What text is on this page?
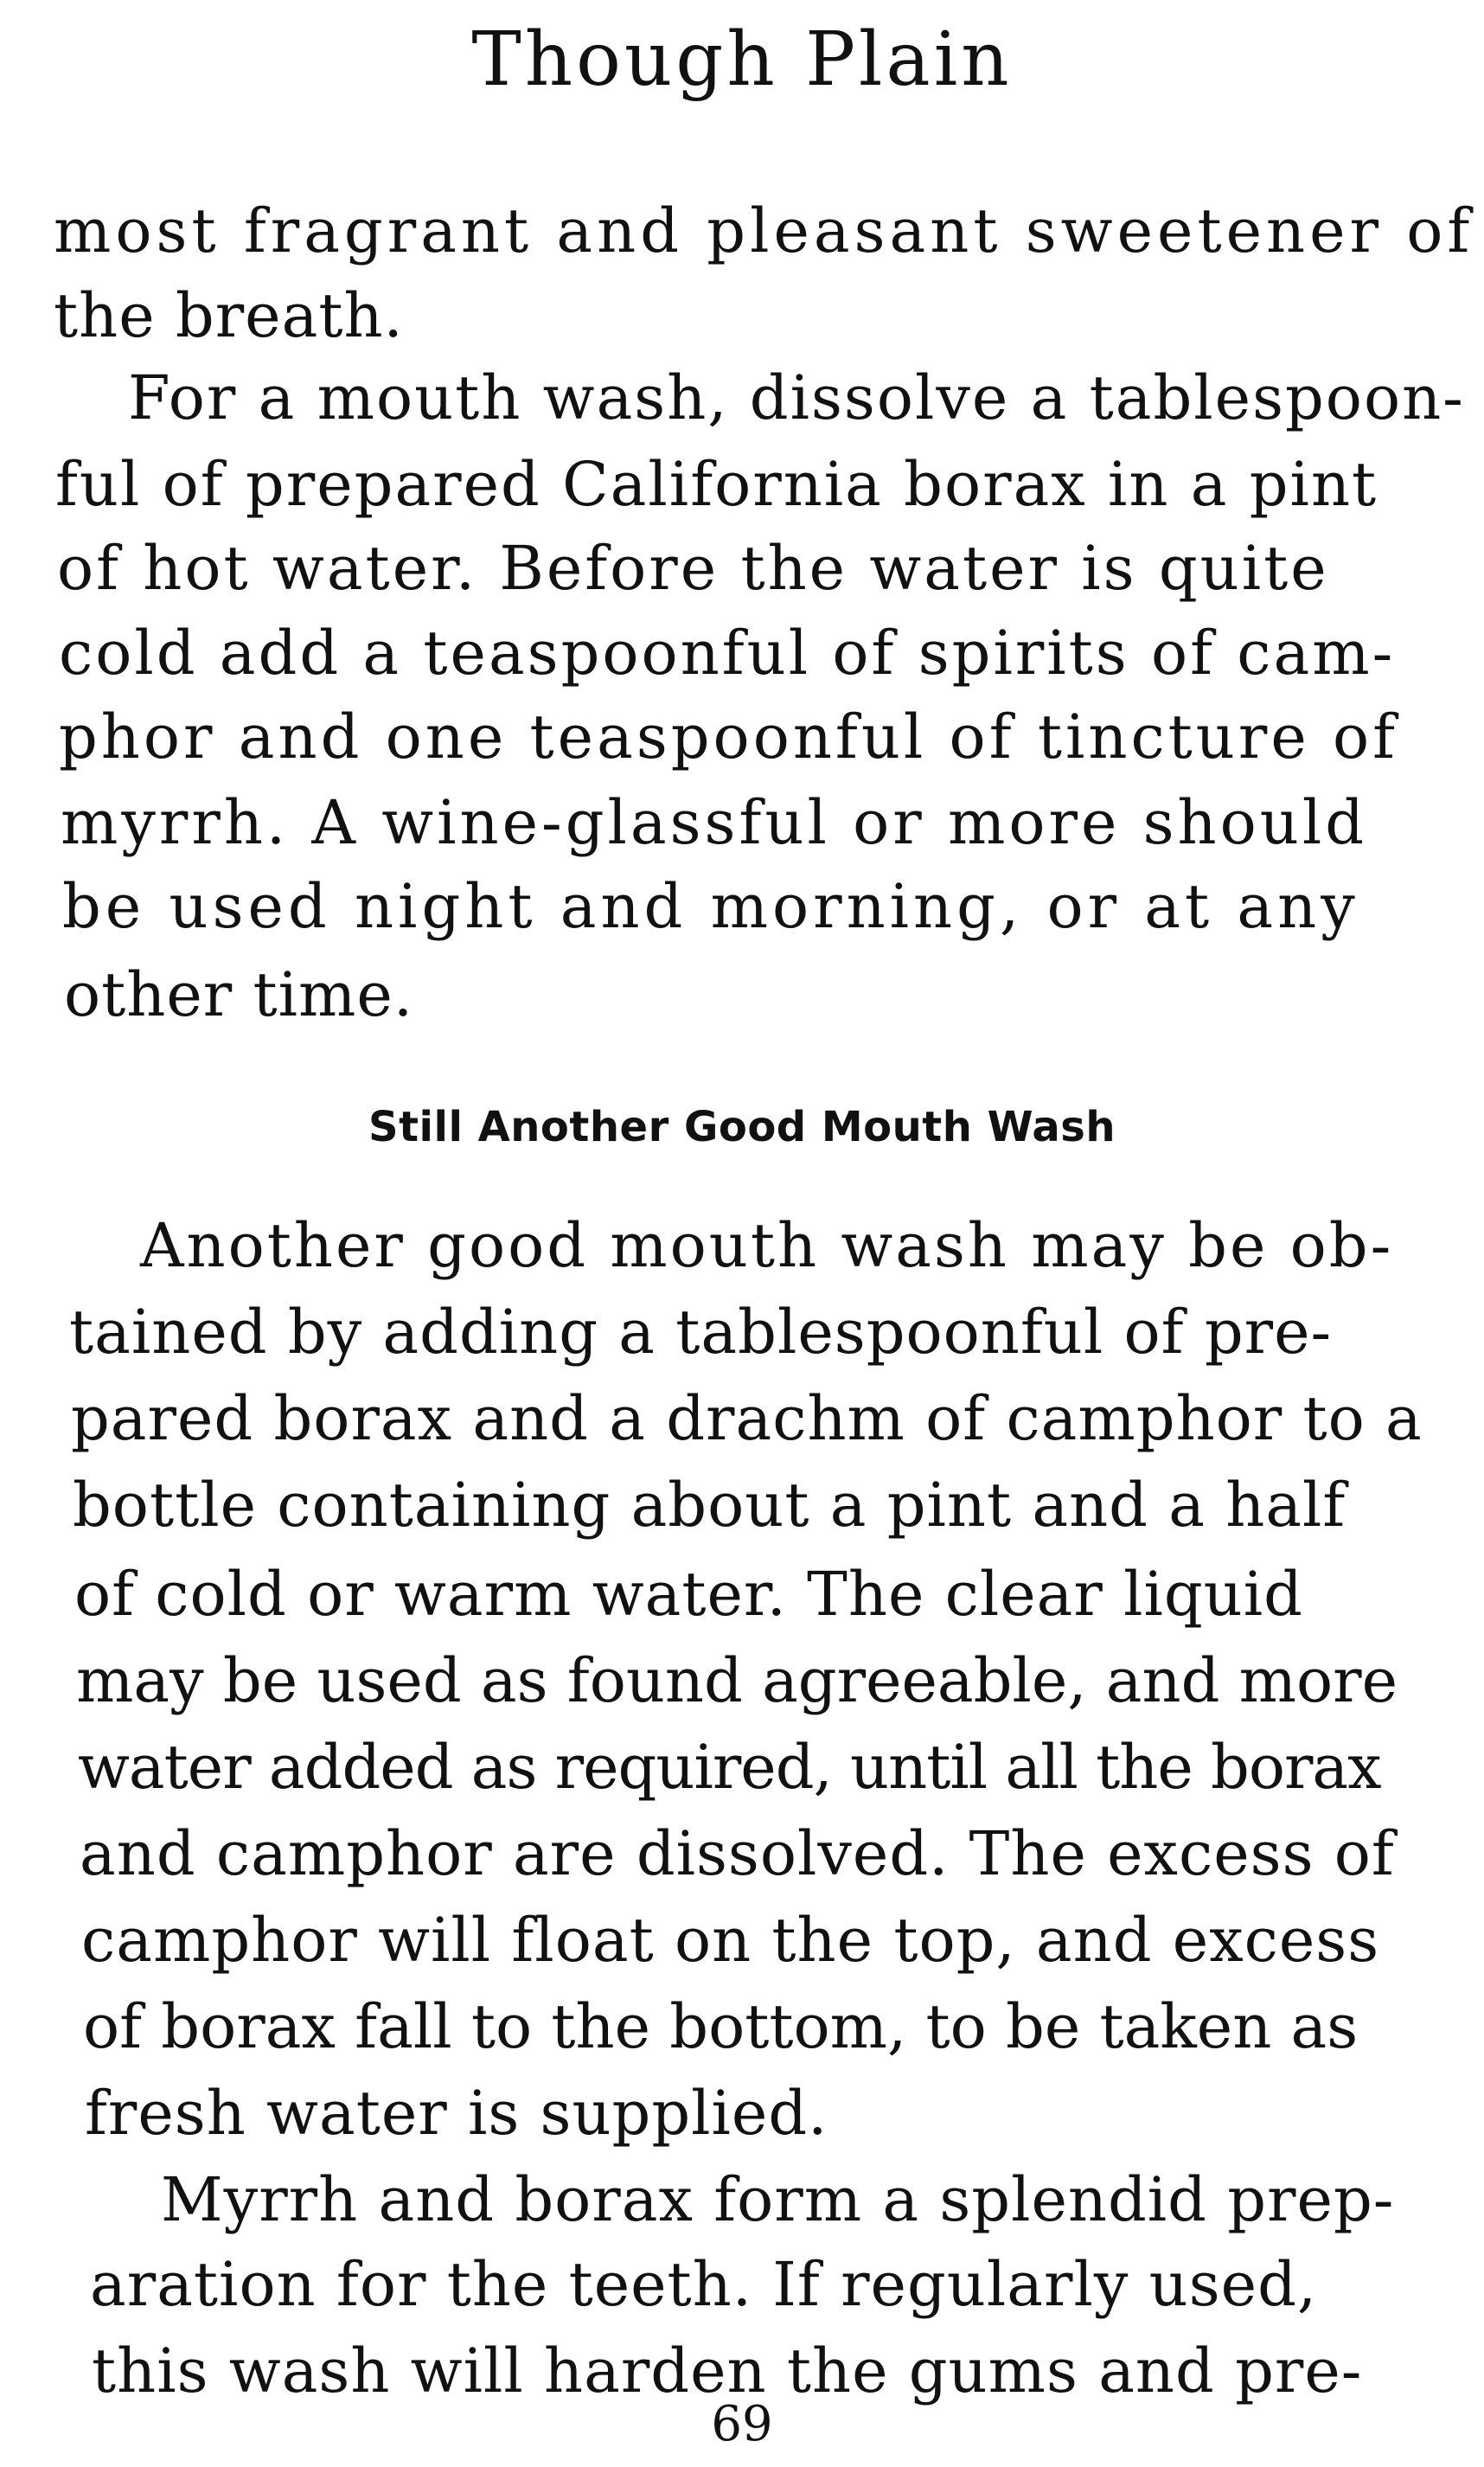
Though Plain
most fragrant and pleasant sweetener of
the breath.
For a mouth wash, dissolve a tablespoon-
ful of prepared California borax in a pint
of hot water. Before the water is quite
cold add a teaspoonful of spirits of cam-
phor and one teaspoonful of tincture of
myrrh. A wine-glassful or more should
be used night and morning, or at any
other time.
Still Another Good Mouth Wash
Another good mouth wash may be ob-
tained by adding a tablespoonful of pre-
pared borax and a drachm of camphor to a
bottle containing about a pint and a half
of cold or warm water. The clear liquid
may be used as found agreeable, and more
water added as required, until all the borax
and camphor are dissolved. The excess of
camphor will float on the top, and excess
of borax fall to the bottom, to be taken as
fresh water is supplied.
Myrrh and borax form a splendid prep-
aration for the teeth. If regularly used,
this wash will harden the gums and pre-
69
